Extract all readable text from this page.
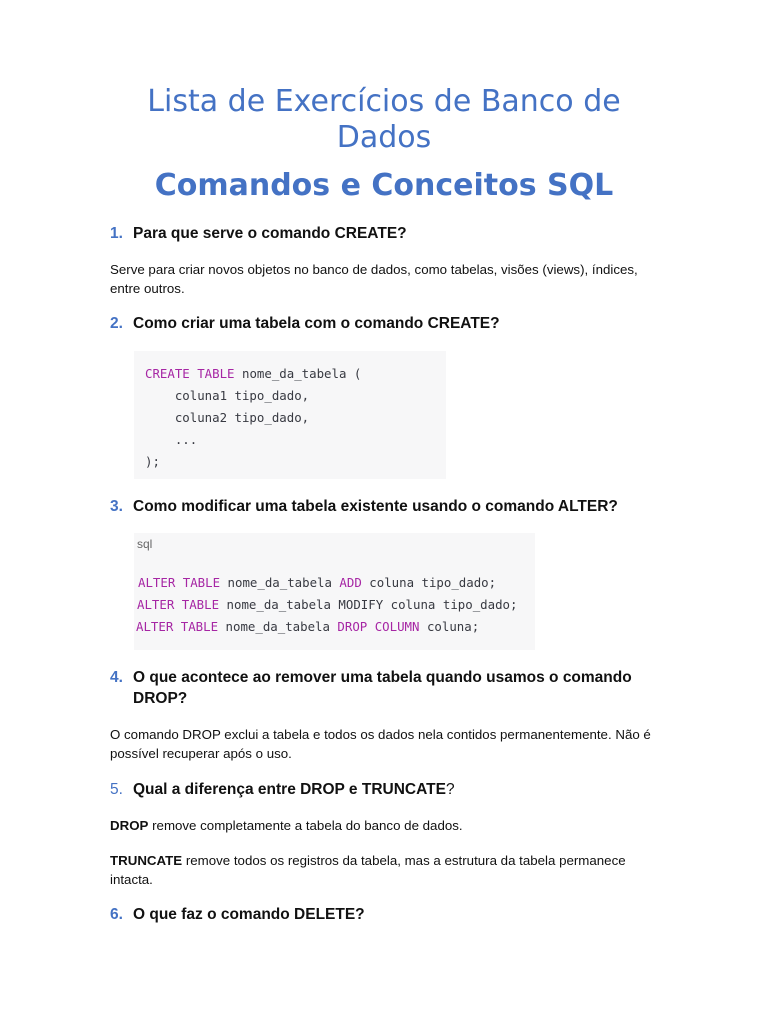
Lista de Exercícios de Banco de Dados
Comandos e Conceitos SQL
1. Para que serve o comando CREATE?
Serve para criar novos objetos no banco de dados, como tabelas, visões (views), índices, entre outros.
2. Como criar uma tabela com o comando CREATE?
CREATE TABLE nome_da_tabela (
coluna1 tipo_dado,
coluna2 tipo_dado,
...
);
3. Como modificar uma tabela existente usando o comando ALTER?
sql
ALTER TABLE nome_da_tabela ADD coluna tipo_dado;
ALTER TABLE nome_da_tabela MODIFY coluna tipo_dado;
ALTER TABLE nome_da_tabela DROP COLUMN coluna;
4. O que acontece ao remover uma tabela quando usamos o comando DROP?
O comando DROP exclui a tabela e todos os dados nela contidos permanentemente. Não é possível recuperar após o uso.
5. Qual a diferença entre DROP e TRUNCATE?
DROP remove completamente a tabela do banco de dados.
TRUNCATE remove todos os registros da tabela, mas a estrutura da tabela permanece intacta.
6. O que faz o comando DELETE?
